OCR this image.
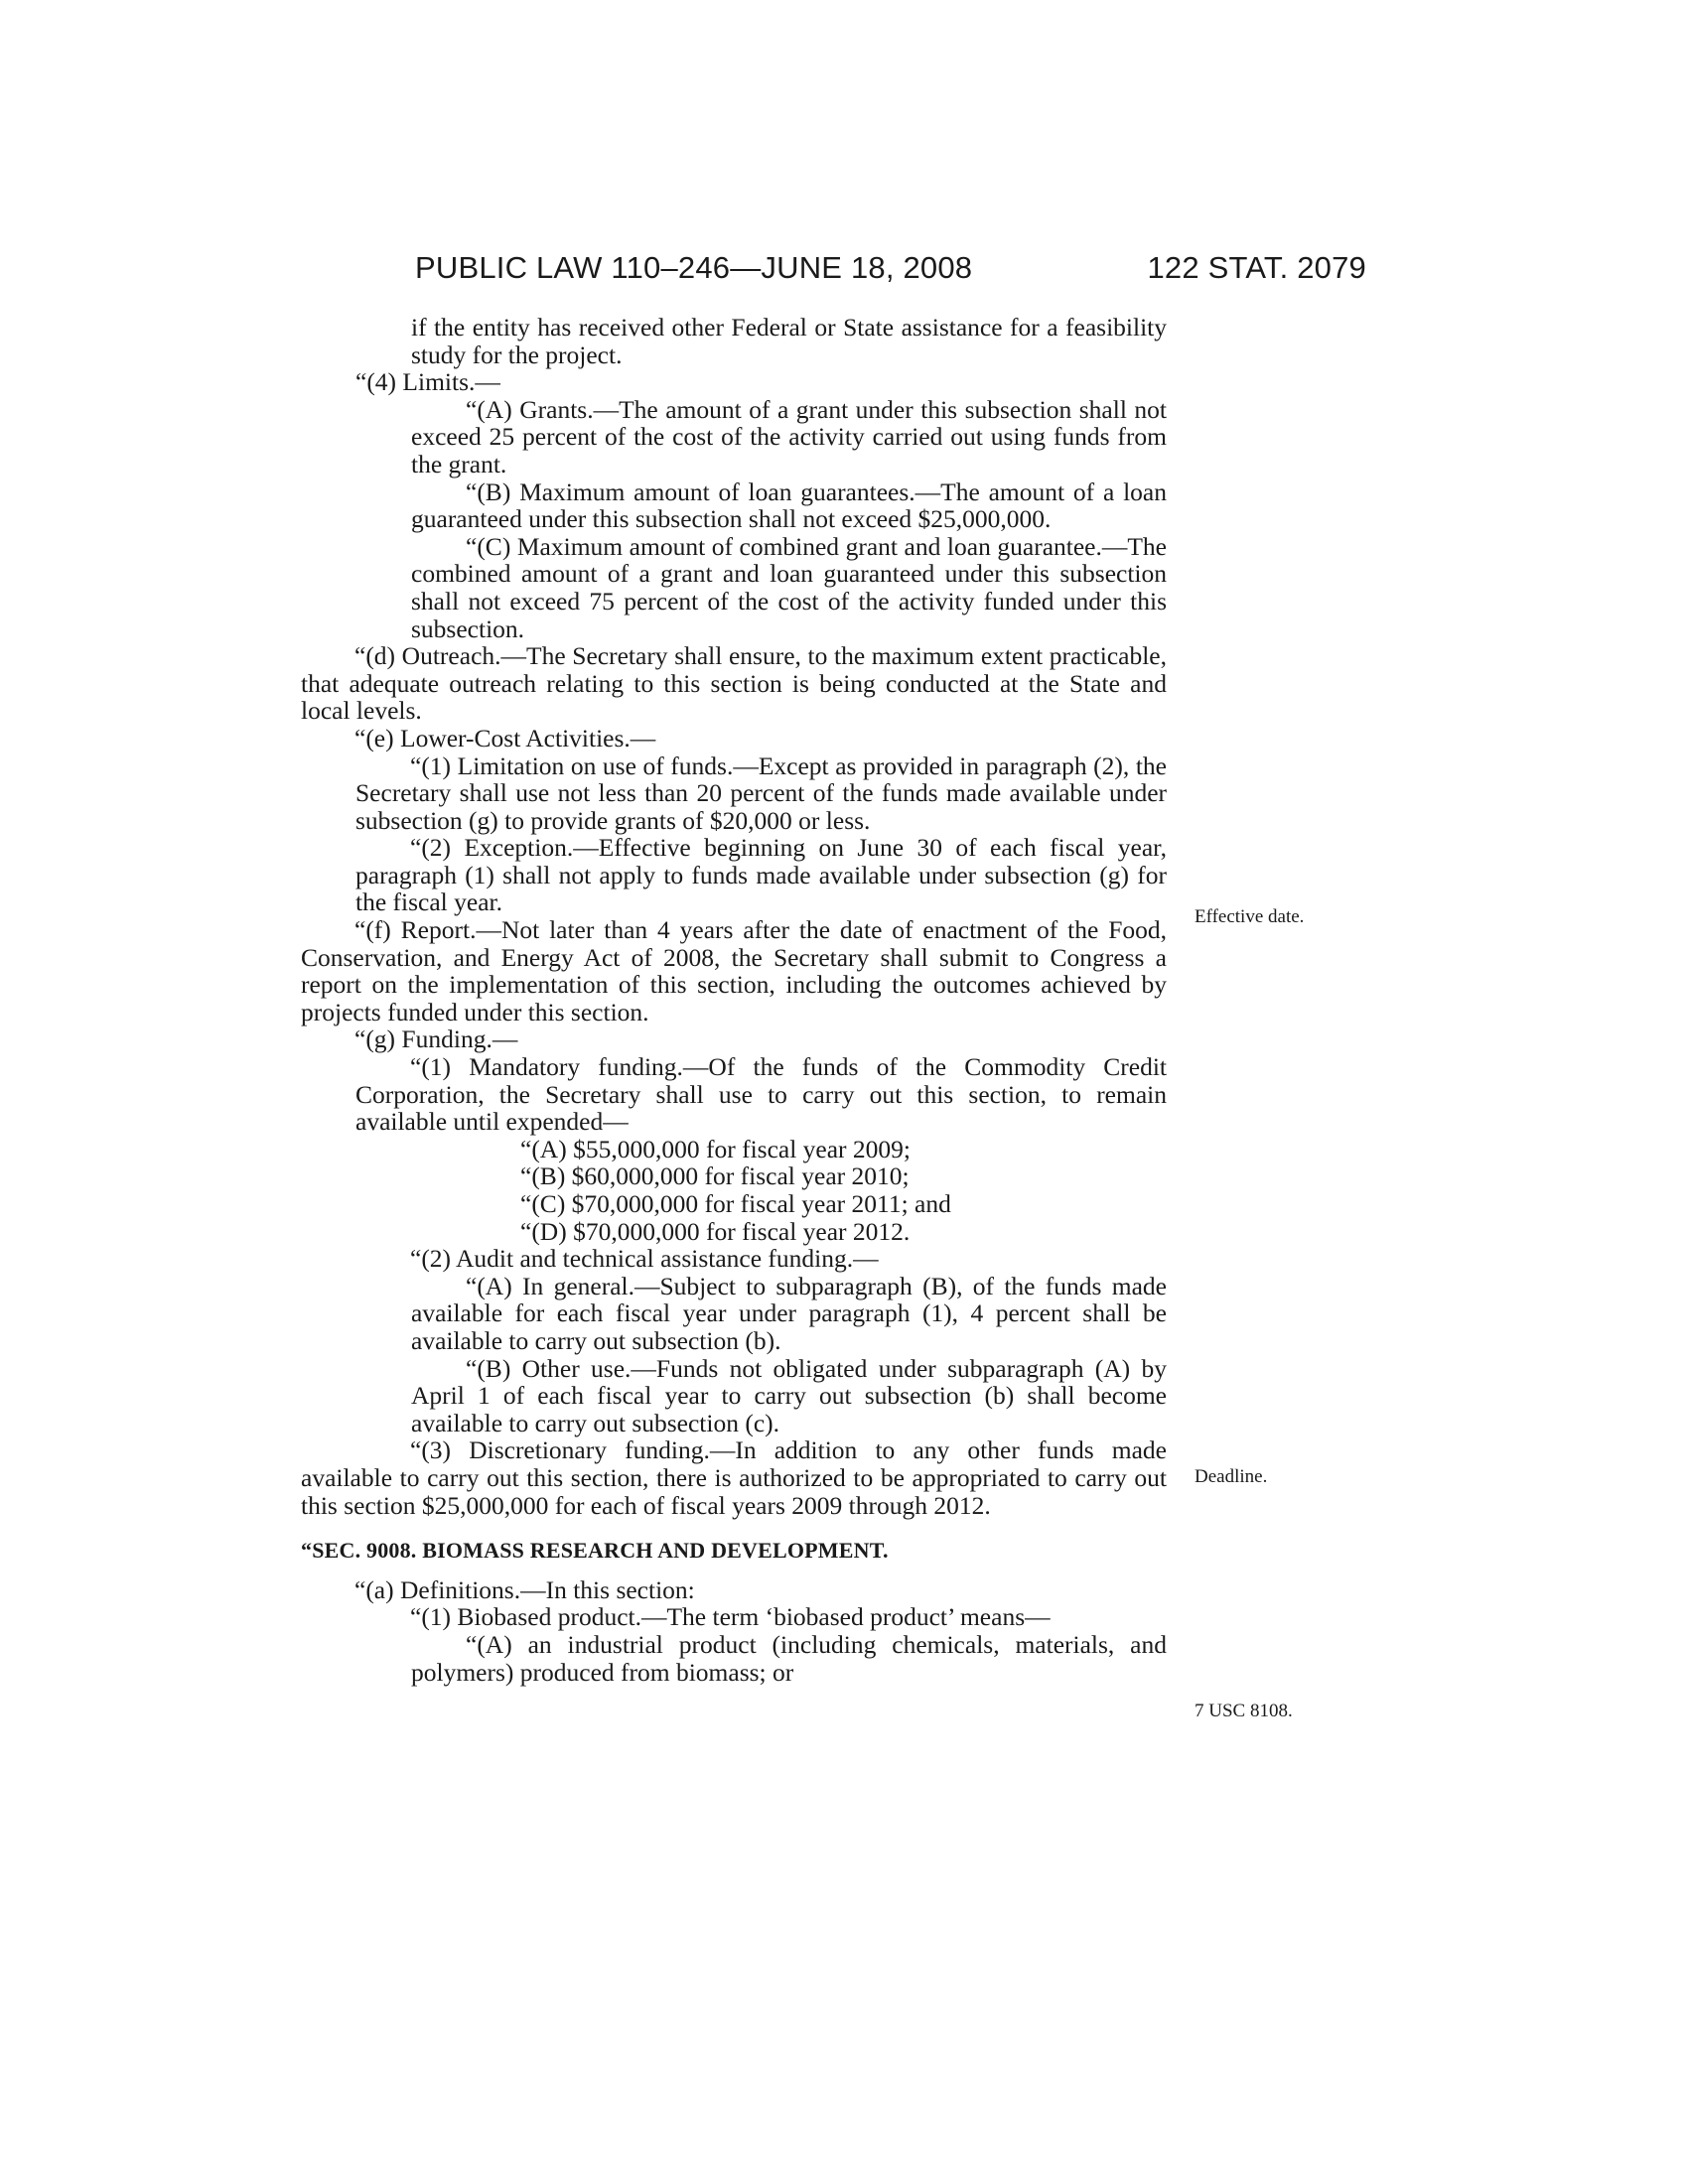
PUBLIC LAW 110–246—JUNE 18, 2008	122 STAT. 2079
Effective date.
Deadline.
7 USC 8108.

if the entity has received other Federal or State assistance for a feasibility study for the project.

“(4) Limits.—

“(A) Grants.—The amount of a grant under this subsection shall not exceed 25 percent of the cost of the activity carried out using funds from the grant.

“(B) Maximum amount of loan guarantees.—The amount of a loan guaranteed under this subsection shall not exceed $25,000,000.

“(C) Maximum amount of combined grant and loan guarantee.—The combined amount of a grant and loan guaranteed under this subsection shall not exceed 75 percent of the cost of the activity funded under this subsection.

“(d) Outreach.—The Secretary shall ensure, to the maximum extent practicable, that adequate outreach relating to this section is being conducted at the State and local levels.

“(e) Lower-Cost Activities.—

“(1) Limitation on use of funds.—Except as provided in paragraph (2), the Secretary shall use not less than 20 percent of the funds made available under subsection (g) to provide grants of $20,000 or less.

“(2) Exception.—Effective beginning on June 30 of each fiscal year, paragraph (1) shall not apply to funds made available under subsection (g) for the fiscal year.

“(f) Report.—Not later than 4 years after the date of enactment of the Food, Conservation, and Energy Act of 2008, the Secretary shall submit to Congress a report on the implementation of this section, including the outcomes achieved by projects funded under this section.

“(g) Funding.—

“(1) Mandatory funding.—Of the funds of the Commodity Credit Corporation, the Secretary shall use to carry out this section, to remain available until expended—

“(A) $55,000,000 for fiscal year 2009;

“(B) $60,000,000 for fiscal year 2010;

“(C) $70,000,000 for fiscal year 2011; and

“(D) $70,000,000 for fiscal year 2012.

“(2) Audit and technical assistance funding.—

“(A) In general.—Subject to subparagraph (B), of the funds made available for each fiscal year under paragraph (1), 4 percent shall be available to carry out subsection (b).

“(B) Other use.—Funds not obligated under subparagraph (A) by April 1 of each fiscal year to carry out subsection (b) shall become available to carry out subsection (c).

“(3) Discretionary funding.—In addition to any other funds made available to carry out this section, there is authorized to be appropriated to carry out this section $25,000,000 for each of fiscal years 2009 through 2012.

“SEC. 9008. BIOMASS RESEARCH AND DEVELOPMENT.

“(a) Definitions.—In this section:

“(1) Biobased product.—The term ‘biobased product’ means—

“(A) an industrial product (including chemicals, materials, and polymers) produced from biomass; or
